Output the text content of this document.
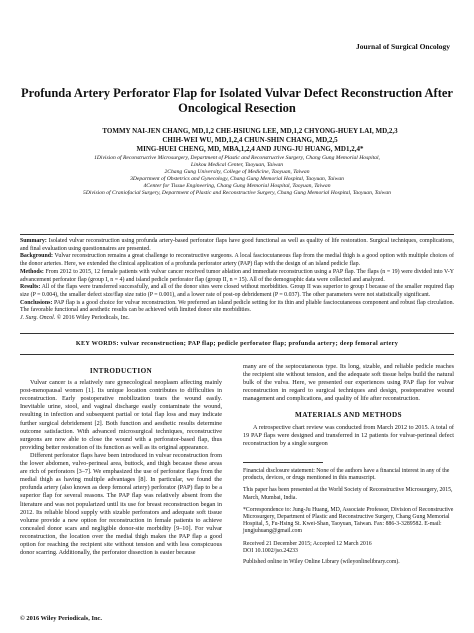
Journal of Surgical Oncology
Profunda Artery Perforator Flap for Isolated Vulvar Defect Reconstruction After Oncological Resection
TOMMY NAI-JEN CHANG, MD,1,2 CHE-HSIUNG LEE, MD,1,2 CHYONG-HUEY LAI, MD,2,3
CHIH-WEI WU, MD,1,2,4 CHUN-SHIN CHANG, MD,2,5
MING-HUEI CHENG, MD, MBA,1,2,4 AND JUNG-JU HUANG, MD1,2,4*
1Division of Reconstructive Microsurgery, Department of Plastic and Reconstructive Surgery, Chang Gung Memorial Hospital,
Linkou Medical Center, Taoyuan, Taiwan
2Chang Gung University, College of Medicine, Taoyuan, Taiwan
3Department of Obstetrics and Gynecology, Chang Gung Memorial Hospital, Taoyuan, Taiwan
4Center for Tissue Engineering, Chang Gung Memorial Hospital, Taoyuan, Taiwan
5Division of Craniofacial Surgery, Department of Plastic and Reconstructive Surgery, Chang Gung Memorial Hospital, Taoyuan, Taiwan

Summary: Isolated vulvar reconstruction using profunda artery-based perforator flaps have good functional as well as quality of life restoration. Surgical techniques, complications, and final evaluation using questionnaires are presented.

Background: Vulvar reconstruction remains a great challenge to reconstructive surgeons. A local fasciocutaneous flap from the medial thigh is a good option with multiple choices of the donor arteries. Here, we extended the clinical application of a profunda perforator artery (PAP) flap with the design of an island pedicle flap.

Methods: From 2012 to 2015, 12 female patients with vulvar cancer received tumor ablation and immediate reconstruction using a PAP flap. The flaps (n = 19) were divided into V-Y advancement perforator flap (group I, n = 4) and island pedicle perforator flap (group II, n = 15). All of the demographic data were collected and analyzed.

Results: All of the flaps were transferred successfully, and all of the donor sites were closed without morbidities. Group II was superior to group I because of the smaller required flap size (P = 0.004), the smaller defect size/flap size ratio (P = 0.001), and a lower rate of post-op debridement (P = 0.037). The other parameters were not statistically significant.

Conclusions: PAP flap is a good choice for vulvar reconstruction. We preferred an island pedicle setting for its thin and pliable fasciocutaneous component and robust flap circulation. The favorable functional and aesthetic results can be achieved with limited donor site morbidities.

J. Surg. Oncol. © 2016 Wiley Periodicals, Inc.

KEY WORDS: vulvar reconstruction; PAP flap; pedicle perforator flap; profunda artery; deep femoral artery
INTRODUCTION

Vulvar cancer is a relatively rare gynecological neoplasm affecting mainly post-menopausal women [1]. Its unique location contributes to difficulties in reconstruction. Early postoperative mobilization tears the wound easily. Inevitable urine, stool, and vaginal discharge easily contaminate the wound, resulting in infection and subsequent partial or total flap loss and may indicate further surgical debridement [2]. Both function and aesthetic results determine outcome satisfaction. With advanced microsurgical techniques, reconstructive surgeons are now able to close the wound with a perforator-based flap, thus providing better restoration of its function as well as its original appearance.

Different perforator flaps have been introduced in vulvar reconstruction from the lower abdomen, vulvo-perineal area, buttock, and thigh because these areas are rich of perforators [3–7]. We emphasized the use of perforator flaps from the medial thigh as having multiple advantages [8]. In particular, we found the profunda artery (also known as deep femoral artery) perforator (PAP) flap to be a superior flap for several reasons. The PAP flap was relatively absent from the literature and was not popularized until its use for breast reconstruction began in 2012. Its reliable blood supply with sizable perforators and adequate soft tissue volume provide a new option for reconstruction in female patients to achieve concealed donor scars and negligible donor-site morbidity [9–10]. For vulvar reconstruction, the location over the medial thigh makes the PAP flap a good option for reaching the recipient site without tension and with less conspicuous donor scarring. Additionally, the perforator dissection is easier because

many are of the septocutaneous type. Its long, sizable, and reliable pedicle reaches the recipient site without tension, and the adequate soft tissue helps build the natural bulk of the vulva. Here, we presented our experiences using PAP flap for vulvar reconstruction in regard to surgical techniques and design, postoperative wound management and complications, and quality of life after reconstruction.

MATERIALS AND METHODS

A retrospective chart review was conducted from March 2012 to 2015. A total of 19 PAP flaps were designed and transferred in 12 patients for vulvar-perineal defect reconstruction by a single surgeon

Financial disclosure statement: None of the authors have a financial interest in any of the products, devices, or drugs mentioned in this manuscript.

This paper has been presented at the World Society of Reconstructive Microsurgery, 2015, March, Mumbai, India.

*Correspondence to: Jung-Ju Huang, MD, Associate Professor, Division of Reconstructive Microsurgery, Department of Plastic and Reconstructive Surgery, Chang Gung Memorial Hospital, 5, Fu-Hsing St. Kwei-Shan, Taoyuan, Taiwan. Fax: 886-3-3289582. E-mail: jungjuhuang@gmail.com

Received 21 December 2015; Accepted 12 March 2016

DOI 10.1002/jso.24233

Published online in Wiley Online Library (wileyonlinelibrary.com).

© 2016 Wiley Periodicals, Inc.
